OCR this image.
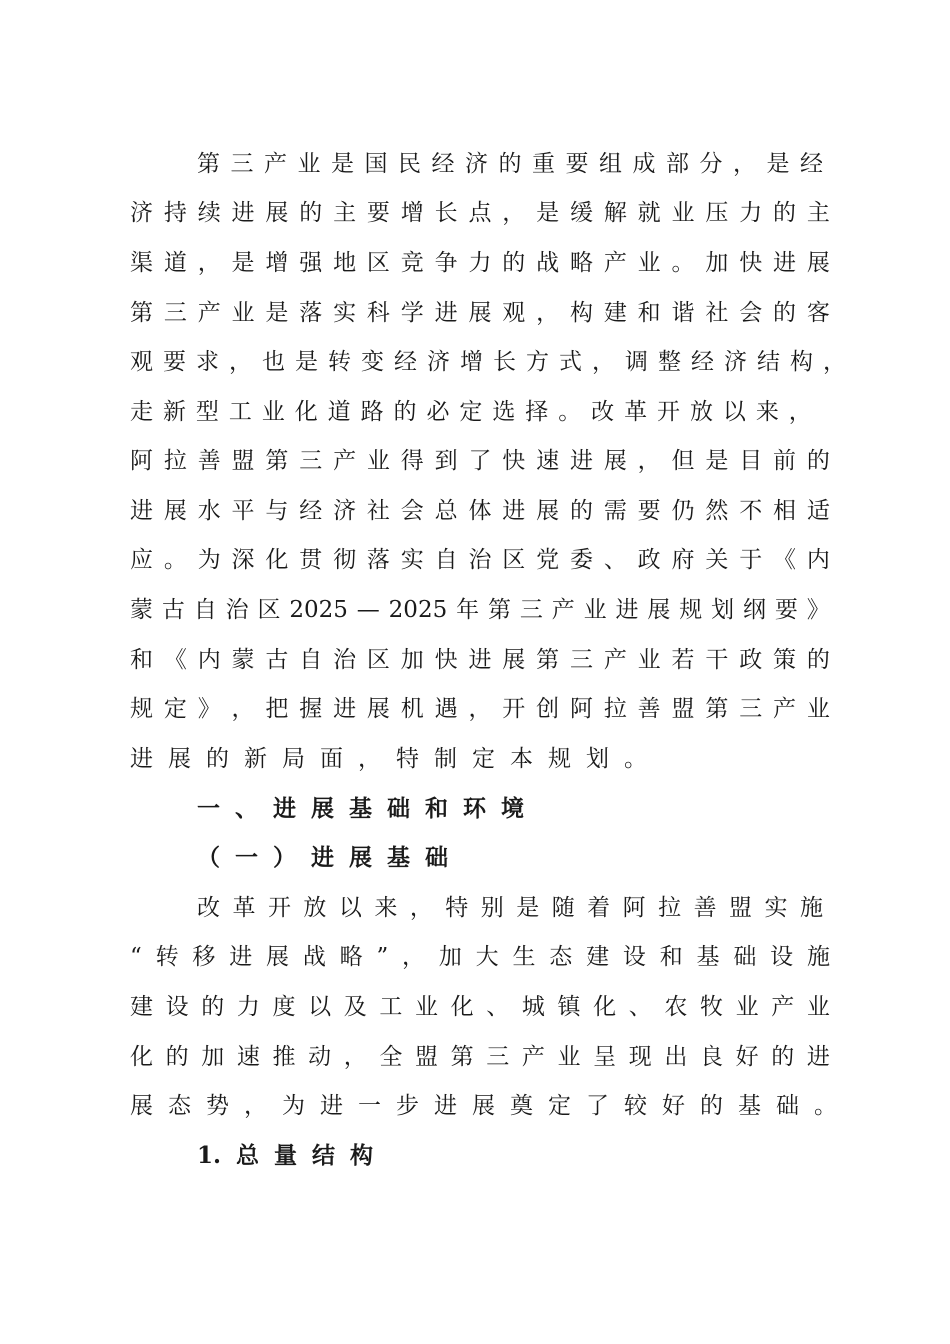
第 三 产 业 是 国 民 经 济 的 重 要 组 成 部 分 ， 是 经
济 持 续 进 展 的 主 要 增 长 点 ， 是 缓 解 就 业 压 力 的 主
渠 道 ， 是 增 强 地 区 竞 争 力 的 战 略 产 业 。 加 快 进 展
第 三 产 业 是 落 实 科 学 进 展 观 ， 构 建 和 谐 社 会 的 客
观 要 求 ， 也 是 转 变 经 济 增 长 方 式 ， 调 整 经 济 结 构 ，
走 新 型 工 业 化 道 路 的 必 定 选 择 。 改 革 开 放 以 来 ，
阿 拉 善 盟 第 三 产 业 得 到 了 快 速 进 展 ， 但 是 目 前 的
进 展 水 平 与 经 济 社 会 总 体 进 展 的 需 要 仍 然 不 相 适
应 。 为 深 化 贯 彻 落 实 自 治 区 党 委 、 政 府 关 于 《 内
蒙 古 自 治 区 2025 — 2025 年 第 三 产 业 进 展 规 划 纲 要 》
和 《 内 蒙 古 自 治 区 加 快 进 展 第 三 产 业 若 干 政 策 的
规 定 》 ， 把 握 进 展 机 遇 ， 开 创 阿 拉 善 盟 第 三 产 业
进 展 的 新 局 面 ， 特 制 定 本 规 划 。
一 、 进 展 基 础 和 环 境
（ 一 ） 进 展 基 础
改 革 开 放 以 来 ， 特 别 是 随 着 阿 拉 善 盟 实 施
“ 转 移 进 展 战 略 ” ， 加 大 生 态 建 设 和 基 础 设 施
建 设 的 力 度 以 及 工 业 化 、 城 镇 化 、 农 牧 业 产 业
化 的 加 速 推 动 ， 全 盟 第 三 产 业 呈 现 出 良 好 的 进
展 态 势 ， 为 进 一 步 进 展 奠 定 了 较 好 的 基 础 。
1. 总 量 结 构
